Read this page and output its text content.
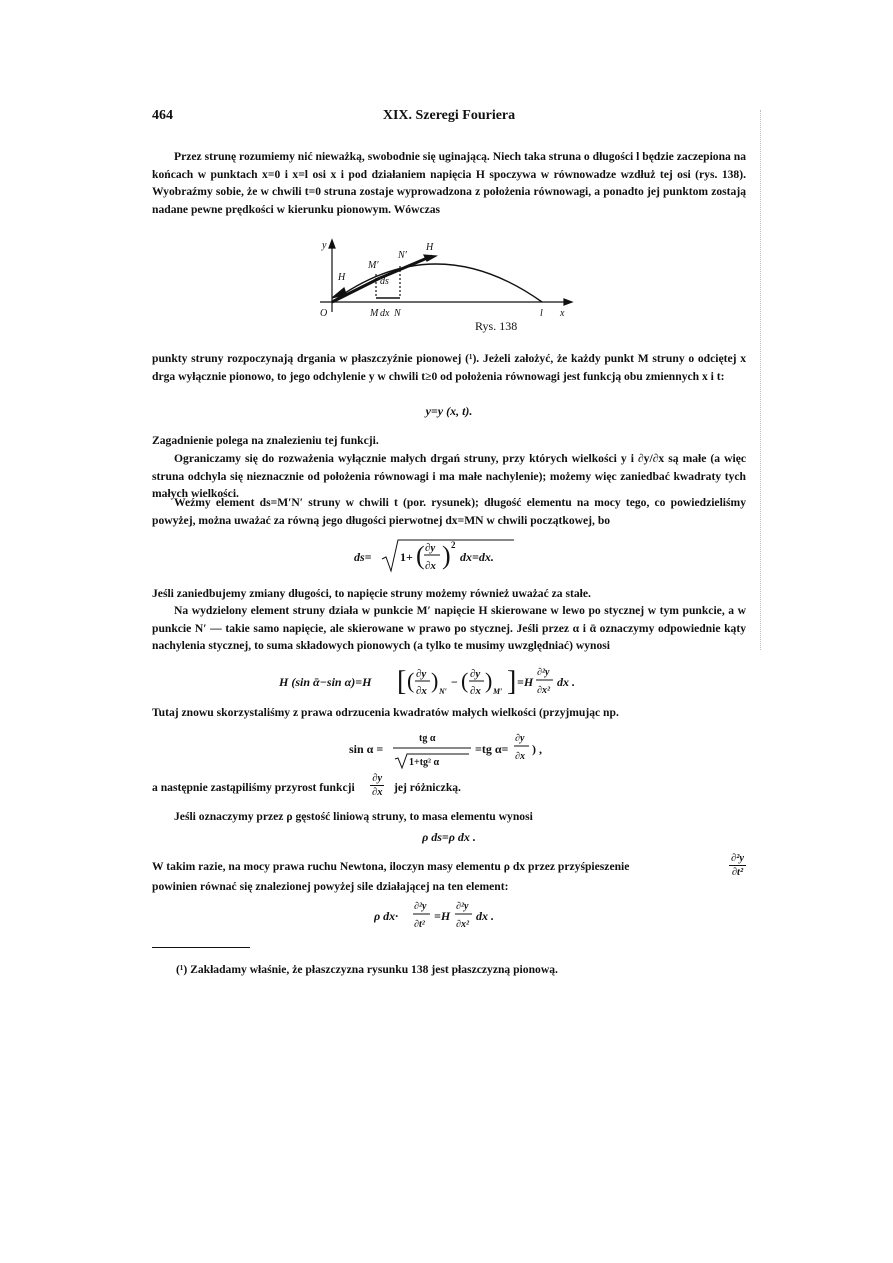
464	XIX. Szeregi Fouriera

Przez strunę rozumiemy nić nieważką, swobodnie się uginającą. Niech taka struna o długości l będzie zaczepiona na końcach w punktach x=0 i x=l osi x i pod działaniem napięcia H spoczywa w równowadze wzdłuż tej osi (rys. 138). Wyobraźmy sobie, że w chwili t=0 struna zostaje wyprowadzona z położenia równowagi, a ponadto jej punktom zostają nadane pewne prędkości w kierunku pionowym. Wówczas

y
H
H
M′
N′
ds
O	M dx N	l x
Rys. 138

punkty struny rozpoczynają drgania w płaszczyźnie pionowej (¹). Jeżeli założyć, że każdy punkt M struny o odciętej x drga wyłącznie pionowo, to jego odchylenie y w chwili t≥0 od położenia równowagi jest funkcją obu zmiennych x i t:

y=y (x, t).

Zagadnienie polega na znalezieniu tej funkcji.

Ograniczamy się do rozważenia wyłącznie małych drgań struny, przy których wielkości y i ∂y/∂x są małe (a więc struna odchyla się nieznacznie od położenia równowagi i ma małe nachylenie); możemy więc zaniedbać kwadraty tych małych wielkości.

Weźmy element ds=M′N′ struny w chwili t (por. rysunek); długość elementu na mocy tego, co powiedzieliśmy powyżej, można uważać za równą jego długości pierwotnej dx=MN w chwili początkowej, bo

ds= 1+ ( ∂y
∂x ) 2
dx=dx.

Jeśli zaniedbujemy zmiany długości, to napięcie struny możemy również uważać za stałe.

Na wydzielony element struny działa w punkcie M′ napięcie H skierowane w lewo po stycznej w tym punkcie, a w punkcie N′ — takie samo napięcie, ale skierowane w prawo po stycznej. Jeśli przez α i ᾱ oznaczymy odpowiednie kąty nachylenia stycznej, to suma składowych pionowych (a tylko te musimy uwzględniać) wynosi

H (sin ᾱ−sin α)=H [ ( ∂y
∂x ) N′
− ( ∂y
∂x ) M′ ] =H
∂²y
∂x²
dx .

Tutaj znowu skorzystaliśmy z prawa odrzucenia kwadratów małych wielkości (przyjmując np.

sin α =
tg α
1+tg² α
=tg α=
∂y
∂x
) ,
a następnie zastąpiliśmy przyrost funkcji
∂y
∂x jej różniczką.

Jeśli oznaczymy przez ρ gęstość liniową struny, to masa elementu wynosi

ρ ds=ρ dx .
W takim razie, na mocy prawa ruchu Newtona, iloczyn masy elementu ρ dx przez przyśpieszenie
∂²y
∂t²
powinien równać się znalezionej powyżej sile działającej na ten element:
ρ dx·
∂²y
∂t²
=H
∂²y
∂x²
dx .
(¹) Zakładamy właśnie, że płaszczyzna rysunku 138 jest płaszczyzną pionową.
